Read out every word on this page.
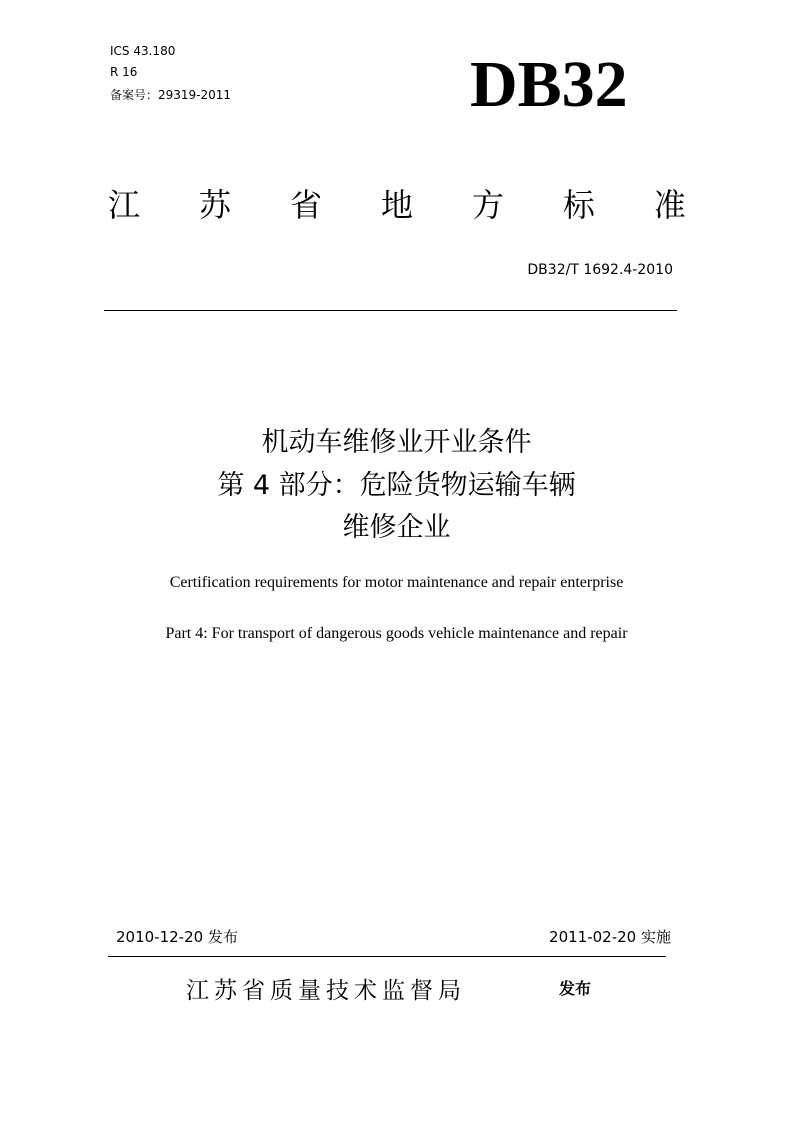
ICS 43.180
R 16
备案号：29319-2011	DB32
江 苏 省 地 方 标 准
DB32/T 1692.4-2010
机动车维修业开业条件
第 4 部分：危险货物运输车辆
维修企业
Certification requirements for motor maintenance and repair enterprise
Part 4: For transport of dangerous goods vehicle maintenance and repair
2010-12-20 发布	2011-02-20 实施
江苏省质量技术监督局	发布
